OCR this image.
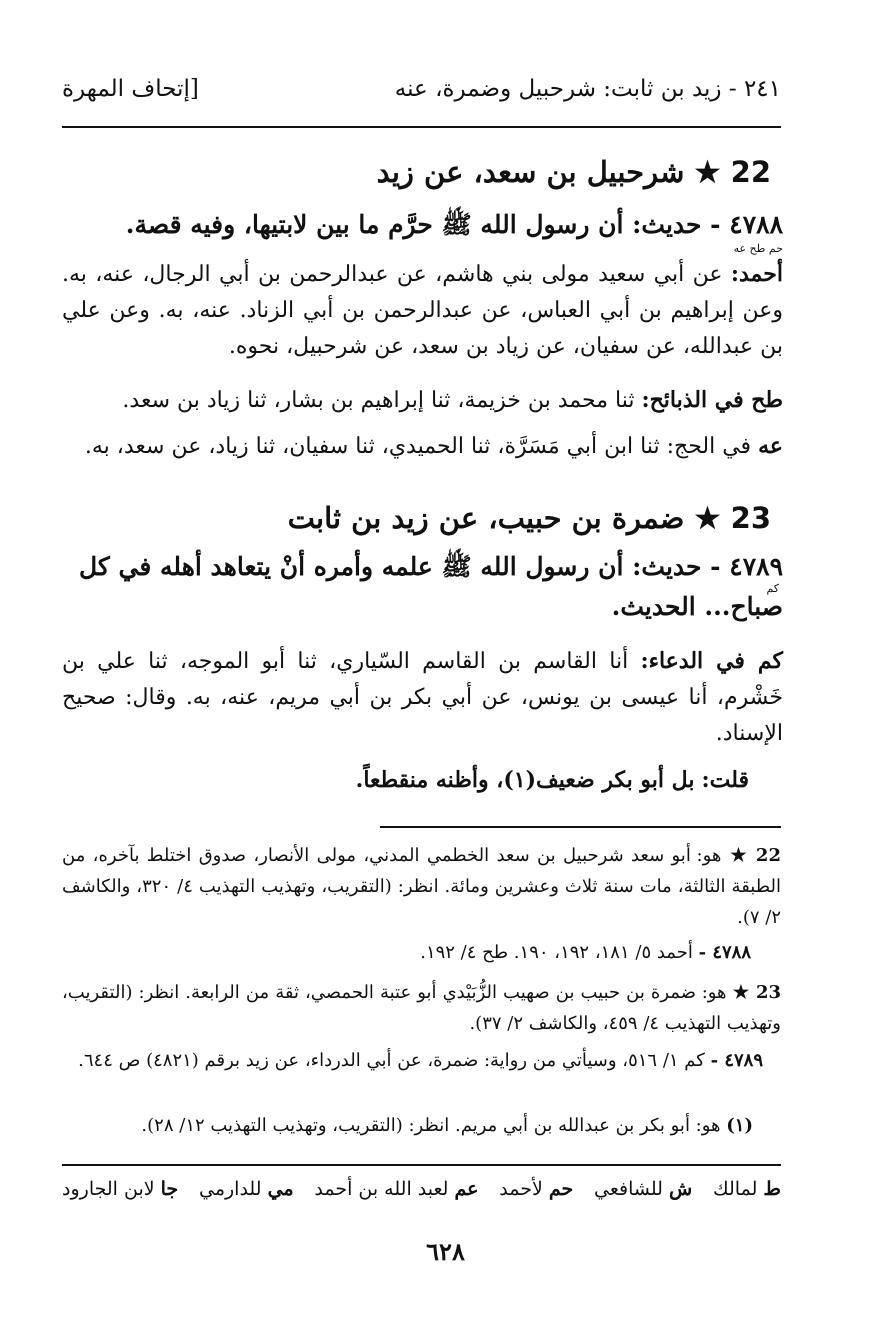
٢٤١ - زيد بن ثابت: شرحبيل وضمرة، عنه
[إتحاف المهرة
22 ★ شرحبيل بن سعد، عن زيد
٤٧٨٨ - حديث: أن رسول الله ﷺ حرَّم ما بين لابتيها، وفيه قصة.
حم طح عه
أحمد: عن أبي سعيد مولى بني هاشم، عن عبدالرحمن بن أبي الرجال، عنه، به. وعن إبراهيم بن أبي العباس، عن عبدالرحمن بن أبي الزناد. عنه، به. وعن علي بن عبدالله، عن سفيان، عن زياد بن سعد، عن شرحبيل، نحوه.
طح في الذبائح: ثنا محمد بن خزيمة، ثنا إبراهيم بن بشار، ثنا زياد بن سعد.
عه في الحج: ثنا ابن أبي مَسَرَّة، ثنا الحميدي، ثنا سفيان، ثنا زياد، عن سعد، به.
23 ★ ضمرة بن حبيب، عن زيد بن ثابت
٤٧٨٩ - حديث: أن رسول الله ﷺ علمه وأمره أنْ يتعاهد أهله في كل صباح... الحديث.
كم
كم في الدعاء: أنا القاسم بن القاسم السّياري، ثنا أبو الموجه، ثنا علي بن خَشْرم، أنا عيسى بن يونس، عن أبي بكر بن أبي مريم، عنه، به. وقال: صحيح الإسناد.
قلت: بل أبو بكر ضعيف(١)، وأظنه منقطعاً.
22 ★ هو: أبو سعد شرحبيل بن سعد الخطمي المدني، مولى الأنصار، صدوق اختلط بآخره، من الطبقة الثالثة، مات سنة ثلاث وعشرين ومائة. انظر: (التقريب، وتهذيب التهذيب ٤/ ٣٢٠، والكاشف ٢/ ٧).
٤٧٨٨ - أحمد ٥/ ١٨١، ١٩٢، ١٩٠. طح ٤/ ١٩٢.
23 ★ هو: ضمرة بن حبيب بن صهيب الزُّبَيْدي أبو عتبة الحمصي، ثقة من الرابعة. انظر: (التقريب، وتهذيب التهذيب ٤/ ٤٥٩، والكاشف ٢/ ٣٧).
٤٧٨٩ - كم ١/ ٥١٦، وسيأتي من رواية: ضمرة، عن أبي الدرداء، عن زيد برقم (٤٨٢١) ص ٦٤٤.
(١) هو: أبو بكر بن عبدالله بن أبي مريم. انظر: (التقريب، وتهذيب التهذيب ١٢/ ٢٨).
ط لمالك
ش للشافعي
حم لأحمد
عم لعبد الله بن أحمد
مي للدارمي
جا لابن الجارود
٦٢٨
